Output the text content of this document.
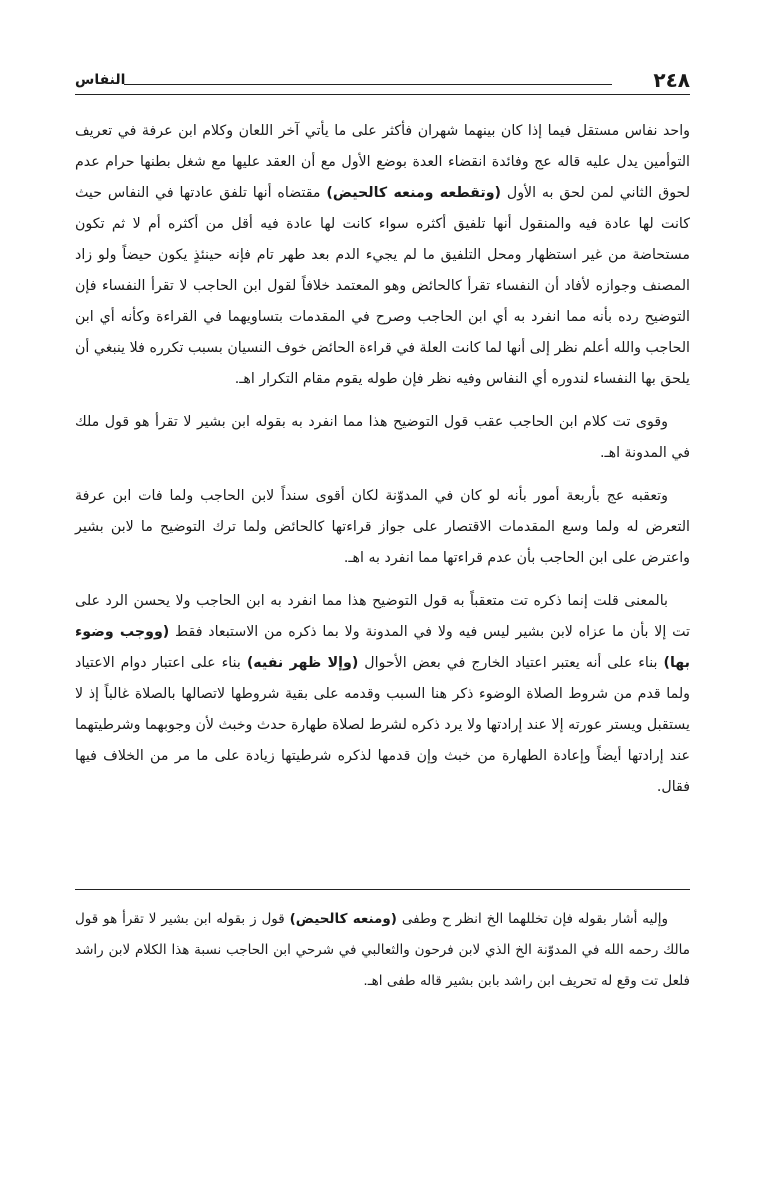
٢٤٨
النفاس

واحد نفاس مستقل فيما إذا كان بينهما شهران فأكثر على ما يأتي آخر اللعان وكلام ابن عرفة في تعريف التوأمين يدل عليه قاله عج وفائدة انقضاء العدة بوضع الأول مع أن العقد عليها مع شغل بطنها حرام عدم لحوق الثاني لمن لحق به الأول (وتقطعه ومنعه كالحيض) مقتضاه أنها تلفق عادتها في النفاس حيث كانت لها عادة فيه والمنقول أنها تلفيق أكثره سواء كانت لها عادة فيه أقل من أكثره أم لا ثم تكون مستحاضة من غير استظهار ومحل التلفيق ما لم يجيء الدم بعد طهر تام فإنه حينئذٍ يكون حيضاً ولو زاد المصنف وجوازه لأفاد أن النفساء تقرأ كالحائض وهو المعتمد خلافاً لقول ابن الحاجب لا تقرأ النفساء فإن التوضيح رده بأنه مما انفرد به أي ابن الحاجب وصرح في المقدمات بتساويهما في القراءة وكأنه أي ابن الحاجب والله أعلم نظر إلى أنها لما كانت العلة في قراءة الحائض خوف النسيان بسبب تكرره فلا ينبغي أن يلحق بها النفساء لندوره أي النفاس وفيه نظر فإن طوله يقوم مقام التكرار اهـ.

وقوى تت كلام ابن الحاجب عقب قول التوضيح هذا مما انفرد به بقوله ابن بشير لا تقرأ هو قول ملك في المدونة اهـ.

وتعقبه عج بأربعة أمور بأنه لو كان في المدوّنة لكان أقوى سنداً لابن الحاجب ولما فات ابن عرفة التعرض له ولما وسع المقدمات الاقتصار على جواز قراءتها كالحائض ولما ترك التوضيح ما لابن بشير واعترض على ابن الحاجب بأن عدم قراءتها مما انفرد به اهـ.

بالمعنى قلت إنما ذكره تت متعقباً به قول التوضيح هذا مما انفرد به ابن الحاجب ولا يحسن الرد على تت إلا بأن ما عزاه لابن بشير ليس فيه ولا في المدونة ولا بما ذكره من الاستبعاد فقط (ووجب وضوء بها) بناء على أنه يعتبر اعتياد الخارج في بعض الأحوال (وإلا ظهر نفيه) بناء على اعتبار دوام الاعتياد ولما قدم من شروط الصلاة الوضوء ذكر هنا السبب وقدمه على بقية شروطها لاتصالها بالصلاة غالباً إذ لا يستقبل ويستر عورته إلا عند إرادتها ولا يرد ذكره لشرط لصلاة طهارة حدث وخبث لأن وجوبهما وشرطيتهما عند إرادتها أيضاً وإعادة الطهارة من خبث وإن قدمها لذكره شرطيتها زيادة على ما مر من الخلاف فيها فقال.

وإليه أشار بقوله فإن تخللهما الخ انظر ح وطفى (ومنعه كالحيض) قول ز بقوله ابن بشير لا تقرأ هو قول مالك رحمه الله في المدوّنة الخ الذي لابن فرحون والثعالبي في شرحي ابن الحاجب نسبة هذا الكلام لابن راشد فلعل تت وقع له تحريف ابن راشد بابن بشير قاله طفى اهـ.
